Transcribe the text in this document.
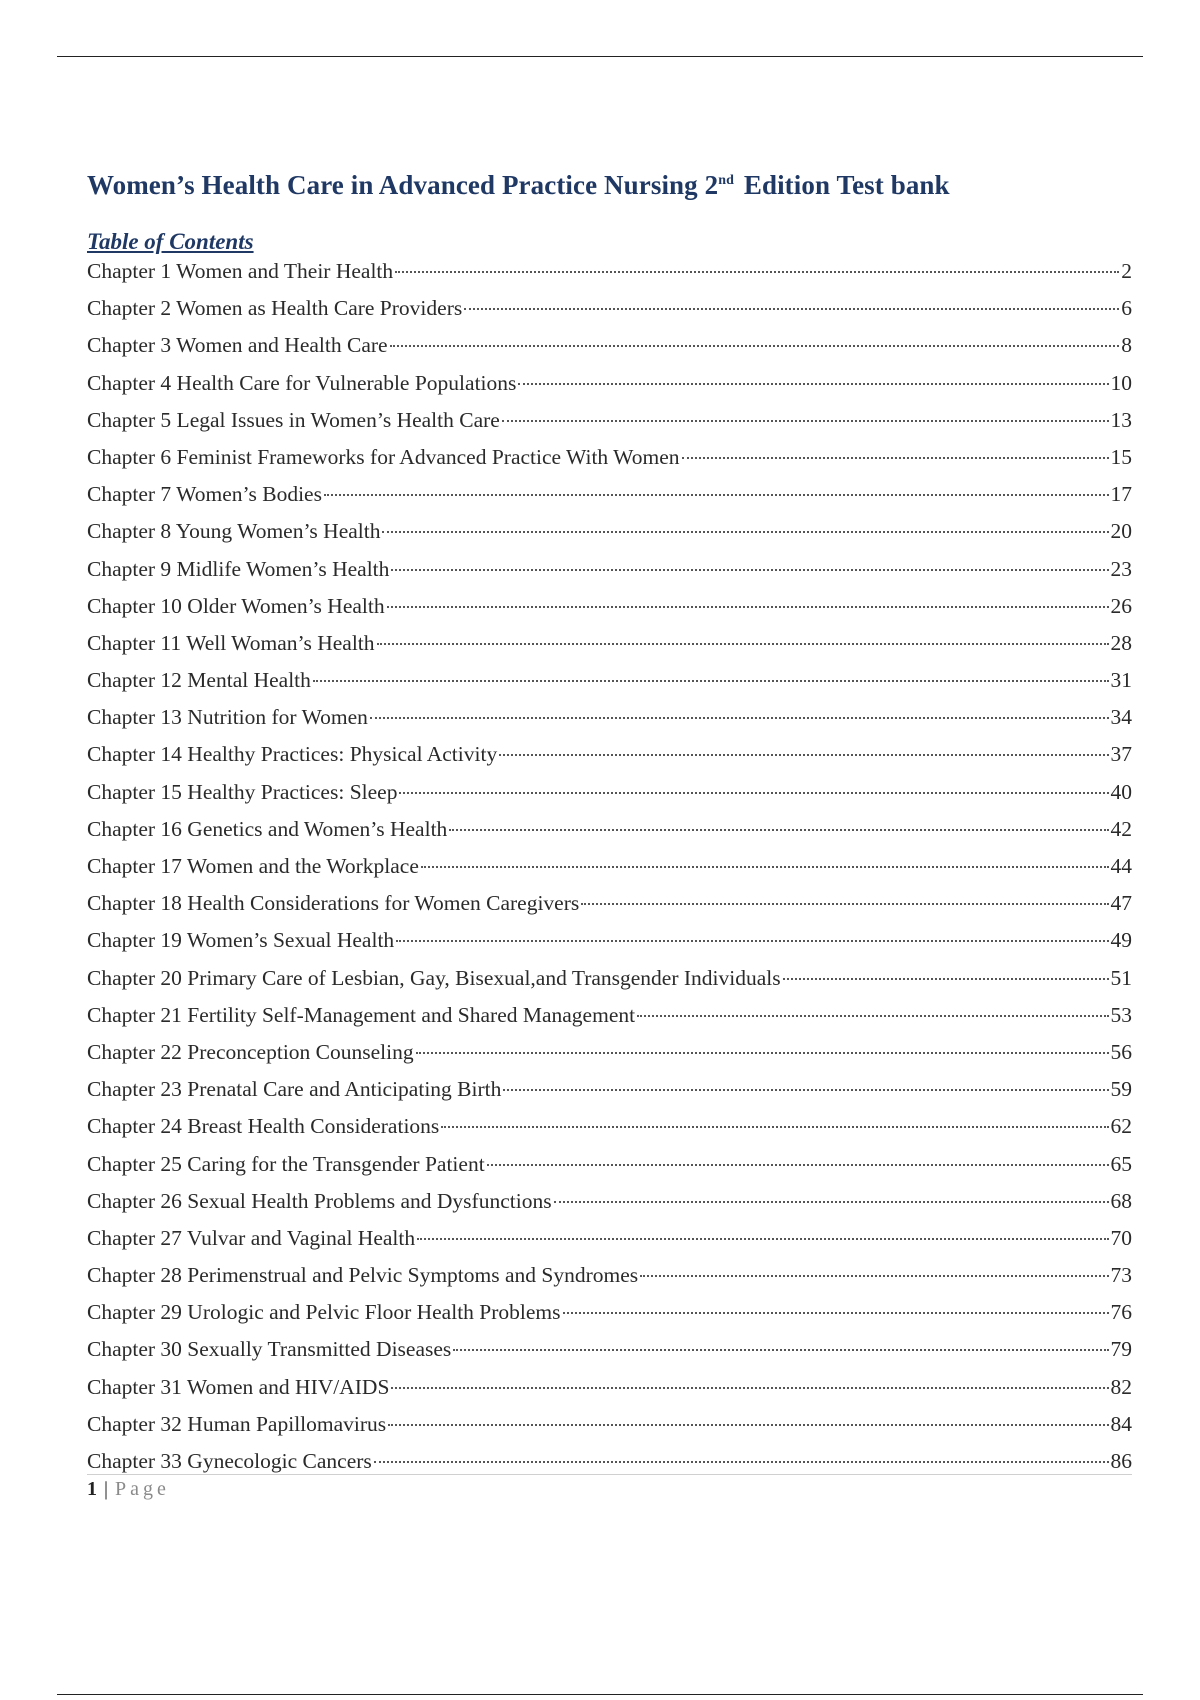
Women’s Health Care in Advanced Practice Nursing 2nd Edition Test bank
Table of Contents
Chapter 1 Women and Their Health	2
Chapter 2 Women as Health Care Providers	6
Chapter 3 Women and Health Care	8
Chapter 4 Health Care for Vulnerable Populations	10
Chapter 5 Legal Issues in Women’s Health Care	13
Chapter 6 Feminist Frameworks for Advanced Practice With Women	15
Chapter 7 Women’s Bodies	17
Chapter 8 Young Women’s Health	20
Chapter 9 Midlife Women’s Health	23
Chapter 10 Older Women’s Health	26
Chapter 11 Well Woman’s Health	28
Chapter 12 Mental Health	31
Chapter 13 Nutrition for Women	34
Chapter 14 Healthy Practices: Physical Activity	37
Chapter 15 Healthy Practices: Sleep	40
Chapter 16 Genetics and Women’s Health	42
Chapter 17 Women and the Workplace	44
Chapter 18 Health Considerations for Women Caregivers	47
Chapter 19 Women’s Sexual Health	49
Chapter 20 Primary Care of Lesbian, Gay, Bisexual,and Transgender Individuals	51
Chapter 21 Fertility Self-Management and Shared Management	53
Chapter 22 Preconception Counseling	56
Chapter 23 Prenatal Care and Anticipating Birth	59
Chapter 24 Breast Health Considerations	62
Chapter 25 Caring for the Transgender Patient	65
Chapter 26 Sexual Health Problems and Dysfunctions	68
Chapter 27 Vulvar and Vaginal Health	70
Chapter 28 Perimenstrual and Pelvic Symptoms and Syndromes	73
Chapter 29 Urologic and Pelvic Floor Health Problems	76
Chapter 30 Sexually Transmitted Diseases	79
Chapter 31 Women and HIV/AIDS	82
Chapter 32 Human Papillomavirus	84
Chapter 33 Gynecologic Cancers	86
1 | Page
